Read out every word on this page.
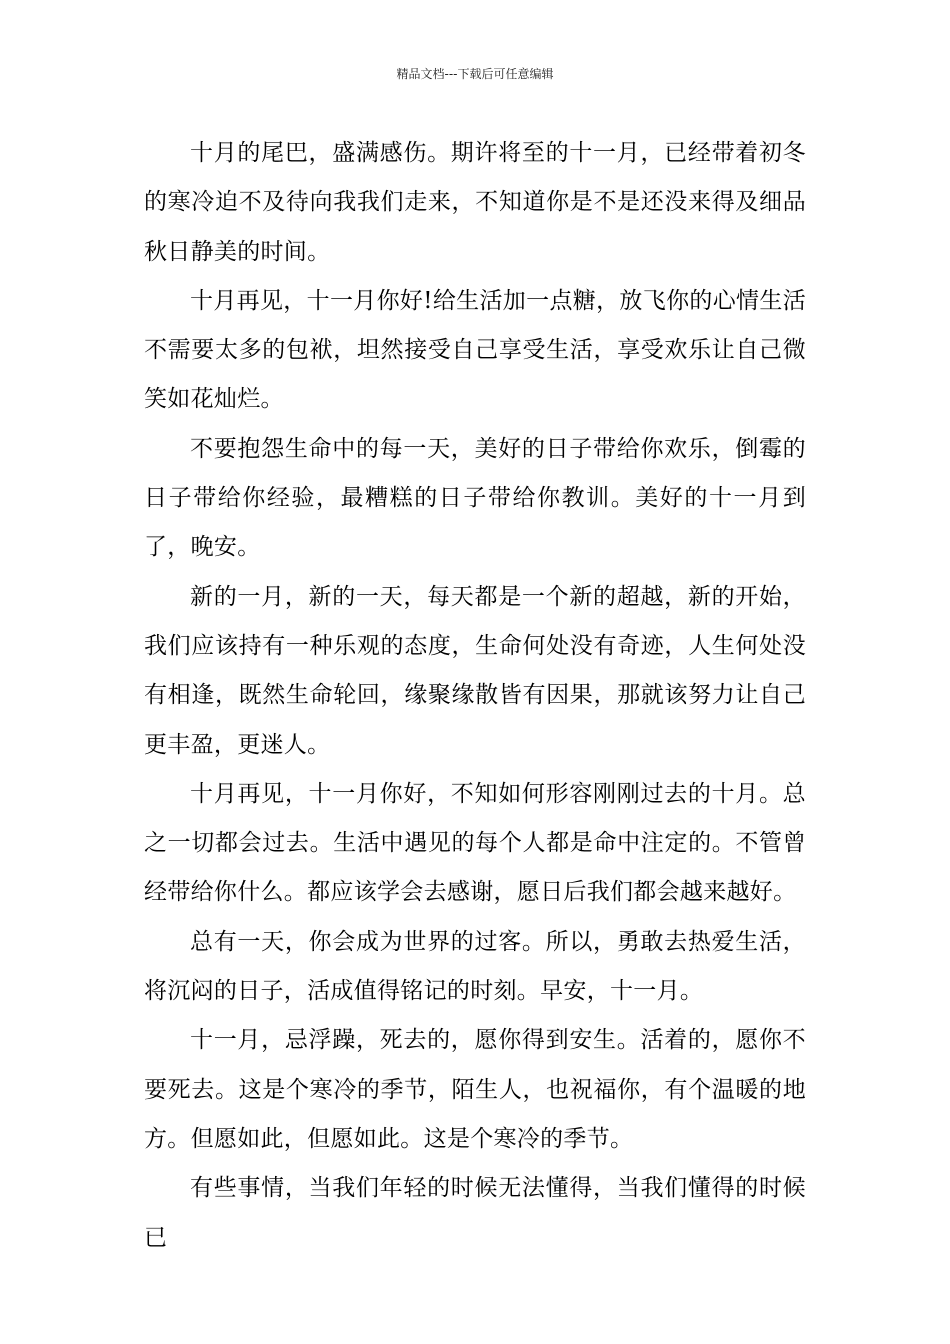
精品文档---下载后可任意编辑

十月的尾巴，盛满感伤。期许将至的十一月，已经带着初冬的寒冷迫不及待向我我们走来，不知道你是不是还没来得及细品秋日静美的时间。

十月再见，十一月你好!给生活加一点糖，放飞你的心情生活不需要太多的包袱，坦然接受自己享受生活，享受欢乐让自己微笑如花灿烂。

不要抱怨生命中的每一天，美好的日子带给你欢乐，倒霉的日子带给你经验，最糟糕的日子带给你教训。美好的十一月到了，晚安。

新的一月，新的一天，每天都是一个新的超越，新的开始，我们应该持有一种乐观的态度，生命何处没有奇迹，人生何处没有相逢，既然生命轮回，缘聚缘散皆有因果，那就该努力让自己更丰盈，更迷人。

十月再见，十一月你好，不知如何形容刚刚过去的十月。总之一切都会过去。生活中遇见的每个人都是命中注定的。不管曾经带给你什么。都应该学会去感谢，愿日后我们都会越来越好。

总有一天，你会成为世界的过客。所以，勇敢去热爱生活，将沉闷的日子，活成值得铭记的时刻。早安，十一月。

十一月，忌浮躁，死去的，愿你得到安生。活着的，愿你不要死去。这是个寒冷的季节，陌生人，也祝福你，有个温暖的地方。但愿如此，但愿如此。这是个寒冷的季节。

有些事情，当我们年轻的时候无法懂得，当我们懂得的时候已
